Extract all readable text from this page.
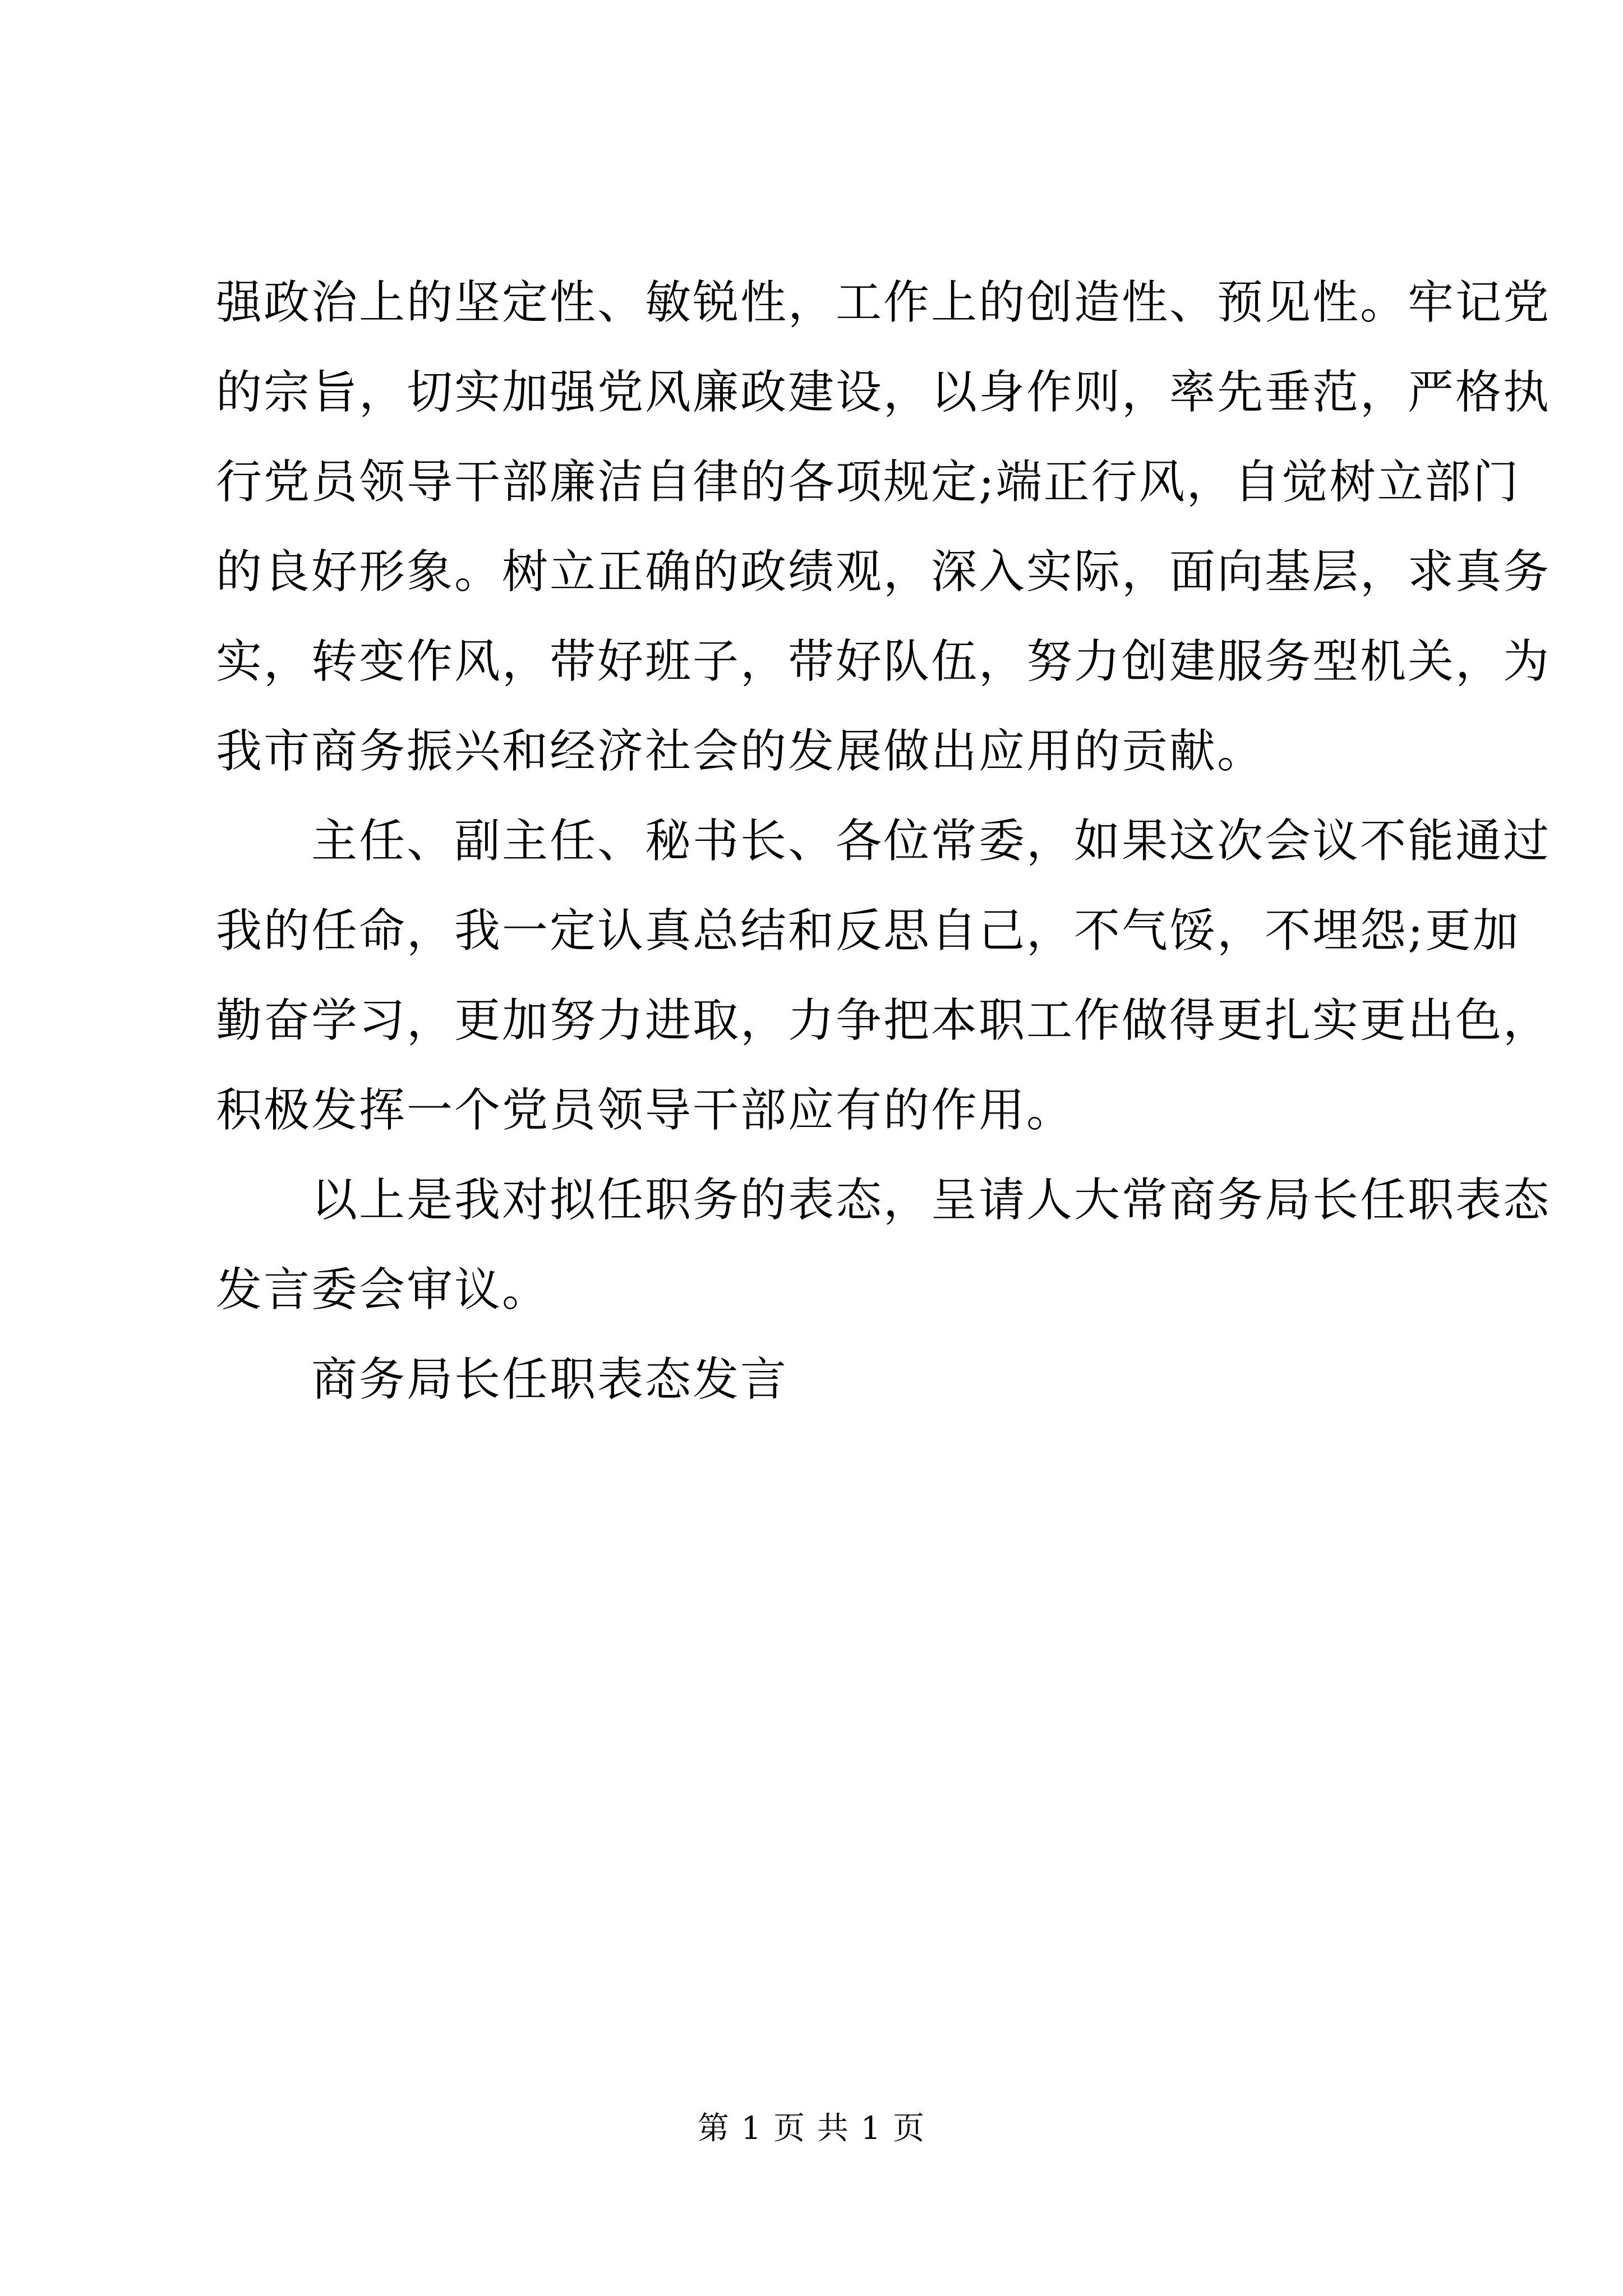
强政治上的坚定性、敏锐性，工作上的创造性、预见性。牢记党
的宗旨，切实加强党风廉政建设，以身作则，率先垂范，严格执
行党员领导干部廉洁自律的各项规定;端正行风，自觉树立部门
的良好形象。树立正确的政绩观，深入实际，面向基层，求真务
实，转变作风，带好班子，带好队伍，努力创建服务型机关，为
我市商务振兴和经济社会的发展做出应用的贡献。

主任、副主任、秘书长、各位常委，如果这次会议不能通过
我的任命，我一定认真总结和反思自己，不气馁，不埋怨;更加
勤奋学习，更加努力进取，力争把本职工作做得更扎实更出色，
积极发挥一个党员领导干部应有的作用。

以上是我对拟任职务的表态，呈请人大常商务局长任职表态
发言委会审议。

商务局长任职表态发言

第 1 页 共 1 页
